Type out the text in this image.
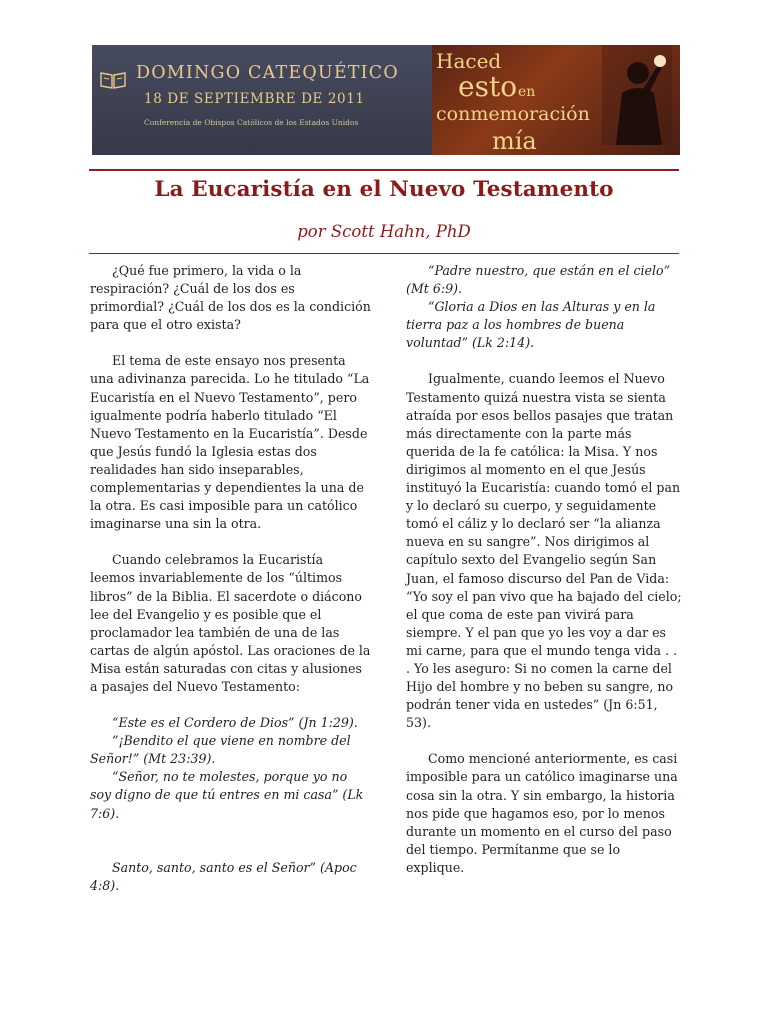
DOMINGO CATEQUÉTICO
18 DE SEPTIEMBRE DE 2011
Conferencia de Obispos Católicos de los Estados Unidos
Haced
esto en
conmemoración
mía
La Eucaristía en el Nuevo Testamento
por Scott Hahn, PhD

¿Qué fue primero, la vida o la respiración? ¿Cuál de los dos es primordial? ¿Cuál de los dos es la condición para que el otro exista?

El tema de este ensayo nos presenta una adivinanza parecida. Lo he titulado “La Eucaristía en el Nuevo Testamento”, pero igualmente podría haberlo titulado “El Nuevo Testamento en la Eucaristía”. Desde que Jesús fundó la Iglesia estas dos realidades han sido inseparables, complementarias y dependientes la una de la otra. Es casi imposible para un católico imaginarse una sin la otra.

Cuando celebramos la Eucaristía leemos invariablemente de los “últimos libros” de la Biblia. El sacerdote o diácono lee del Evangelio y es posible que el proclamador lea también de una de las cartas de algún apóstol. Las oraciones de la Misa están saturadas con citas y alusiones a pasajes del Nuevo Testamento:

“Este es el Cordero de Dios” (Jn 1:29).

“¡Bendito el que viene en nombre del Señor!” (Mt 23:39).

“Señor, no te molestes, porque yo no soy digno de que tú entres en mi casa” (Lk 7:6).

Santo, santo, santo es el Señor” (Apoc 4:8).

“Padre nuestro, que están en el cielo” (Mt 6:9).

“Gloria a Dios en las Alturas y en la tierra paz a los hombres de buena voluntad” (Lk 2:14).

Igualmente, cuando leemos el Nuevo Testamento quizá nuestra vista se sienta atraída por esos bellos pasajes que tratan más directamente con la parte más querida de la fe católica: la Misa. Y nos dirigimos al momento en el que Jesús instituyó la Eucaristía: cuando tomó el pan y lo declaró su cuerpo, y seguidamente tomó el cáliz y lo declaró ser “la alianza nueva en su sangre”. Nos dirigimos al capítulo sexto del Evangelio según San Juan, el famoso discurso del Pan de Vida: “Yo soy el pan vivo que ha bajado del cielo; el que coma de este pan vivirá para siempre. Y el pan que yo les voy a dar es mi carne, para que el mundo tenga vida . . . Yo les aseguro: Si no comen la carne del Hijo del hombre y no beben su sangre, no podrán tener vida en ustedes” (Jn 6:51, 53).

Como mencioné anteriormente, es casi imposible para un católico imaginarse una cosa sin la otra. Y sin embargo, la historia nos pide que hagamos eso, por lo menos durante un momento en el curso del paso del tiempo. Permítanme que se lo explique.
